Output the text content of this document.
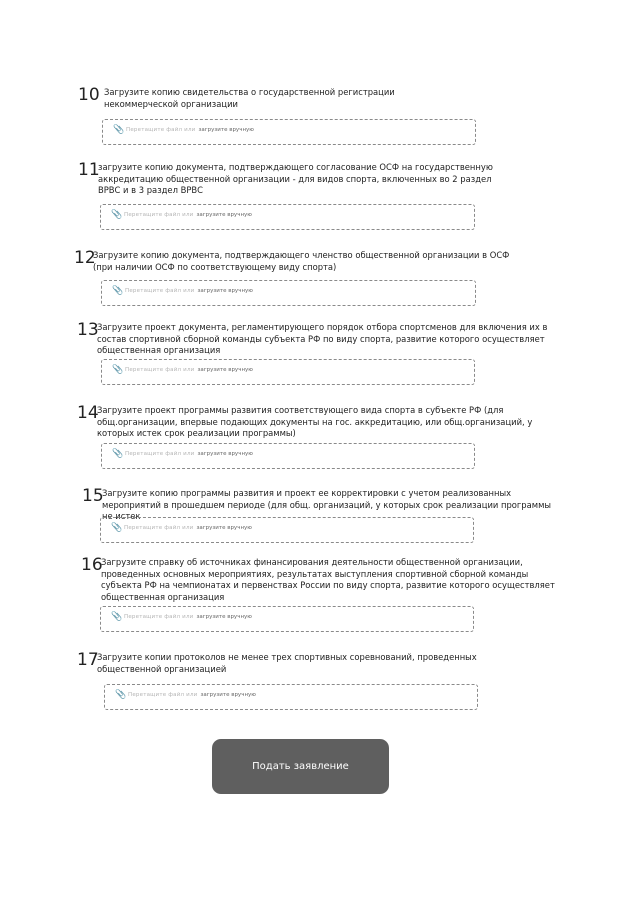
10 Загрузите копию свидетельства о государственной регистрации некоммерческой организации
📎 Перетащите файл или загрузите вручную
11
загрузите копию документа, подтверждающего согласование ОСФ на государственную аккредитацию общественной организации - для видов спорта, включенных во 2 раздел ВРВС и в 3 раздел ВРВС
📎 Перетащите файл или загрузите вручную
12
Загрузите копию документа, подтверждающего членство общественной организации в ОСФ (при наличии ОСФ по соответствующему виду спорта)
📎 Перетащите файл или загрузите вручную
13
Загрузите проект документа, регламентирующего порядок отбора спортсменов для включения их в состав спортивной сборной команды субъекта РФ по виду спорта, развитие которого осуществляет общественная организация
📎 Перетащите файл или загрузите вручную
14
Загрузите проект программы развития соответствующего вида спорта в субъекте РФ (для общ.организации, впервые подающих документы на гос. аккредитацию, или общ.организаций, у которых истек срок реализации программы)
📎 Перетащите файл или загрузите вручную
15
Загрузите копию программы развития и проект ее корректировки с учетом реализованных мероприятий в прошедшем периоде (для общ. организаций, у которых срок реализации программы не истек
📎 Перетащите файл или загрузите вручную
16
Загрузите справку об источниках финансирования деятельности общественной организации, проведенных основных мероприятиях, результатах выступления спортивной сборной команды субъекта РФ на чемпионатах и первенствах России по виду спорта, развитие которого осуществляет общественная организация
📎 Перетащите файл или загрузите вручную
17
Загрузите копии протоколов не менее трех спортивных соревнований, проведенных общественной организацией
📎 Перетащите файл или загрузите вручную
Подать заявление
